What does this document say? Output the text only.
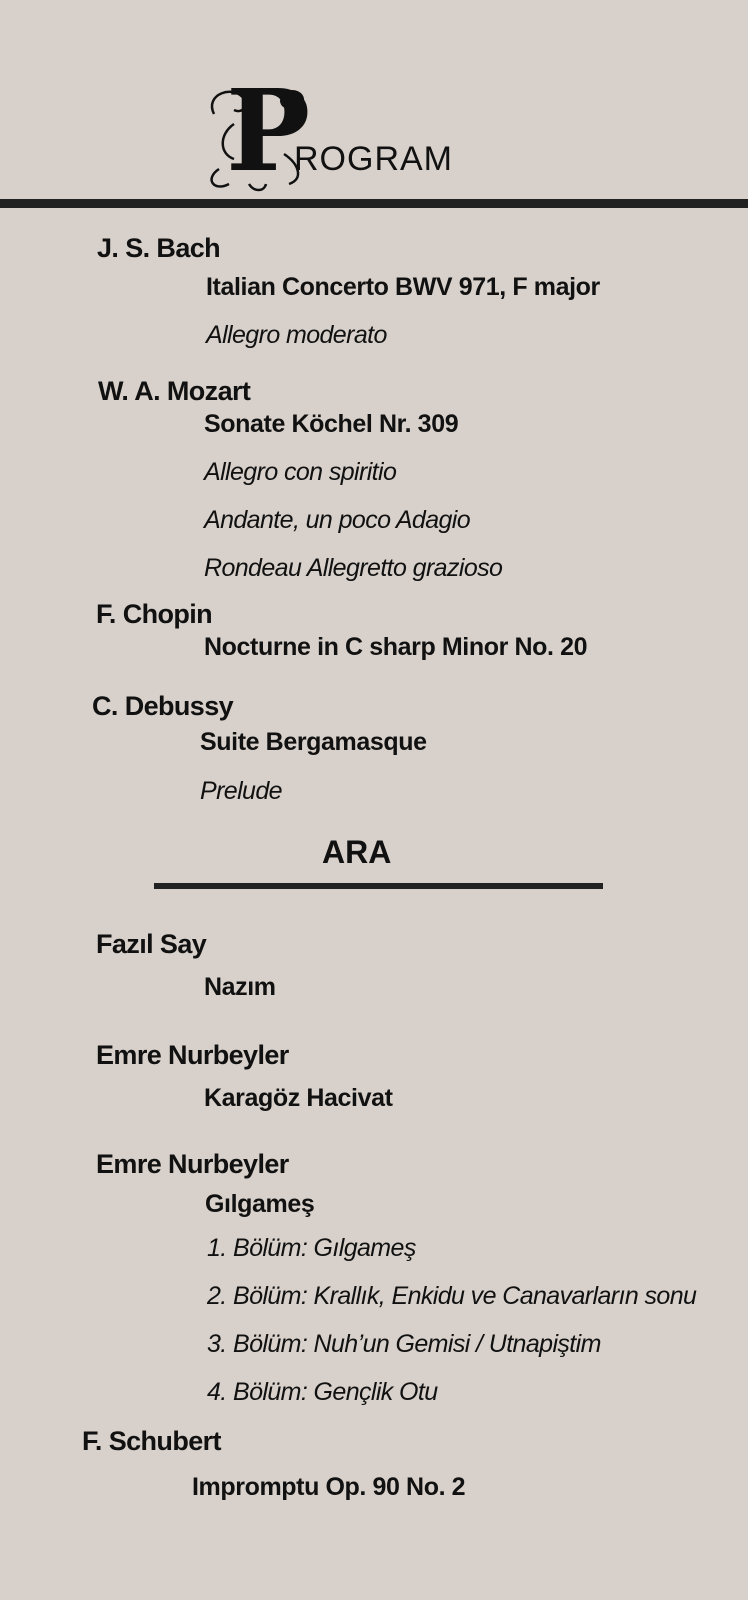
P
ROGRAM
J. S. Bach
Italian Concerto BWV 971, F major
Allegro moderato
W. A. Mozart
Sonate Köchel Nr. 309
Allegro con spiritio
Andante, un poco Adagio
Rondeau Allegretto grazioso
F. Chopin
Nocturne in C sharp Minor No. 20
C. Debussy
Suite Bergamasque
Prelude
ARA
Fazıl Say
Nazım
Emre Nurbeyler
Karagöz Hacivat
Emre Nurbeyler
Gılgameş
1. Bölüm: Gılgameş
2. Bölüm: Krallık, Enkidu ve Canavarların sonu
3. Bölüm: Nuh’un Gemisi / Utnapiştim
4. Bölüm: Gençlik Otu
F. Schubert
Impromptu Op. 90 No. 2
